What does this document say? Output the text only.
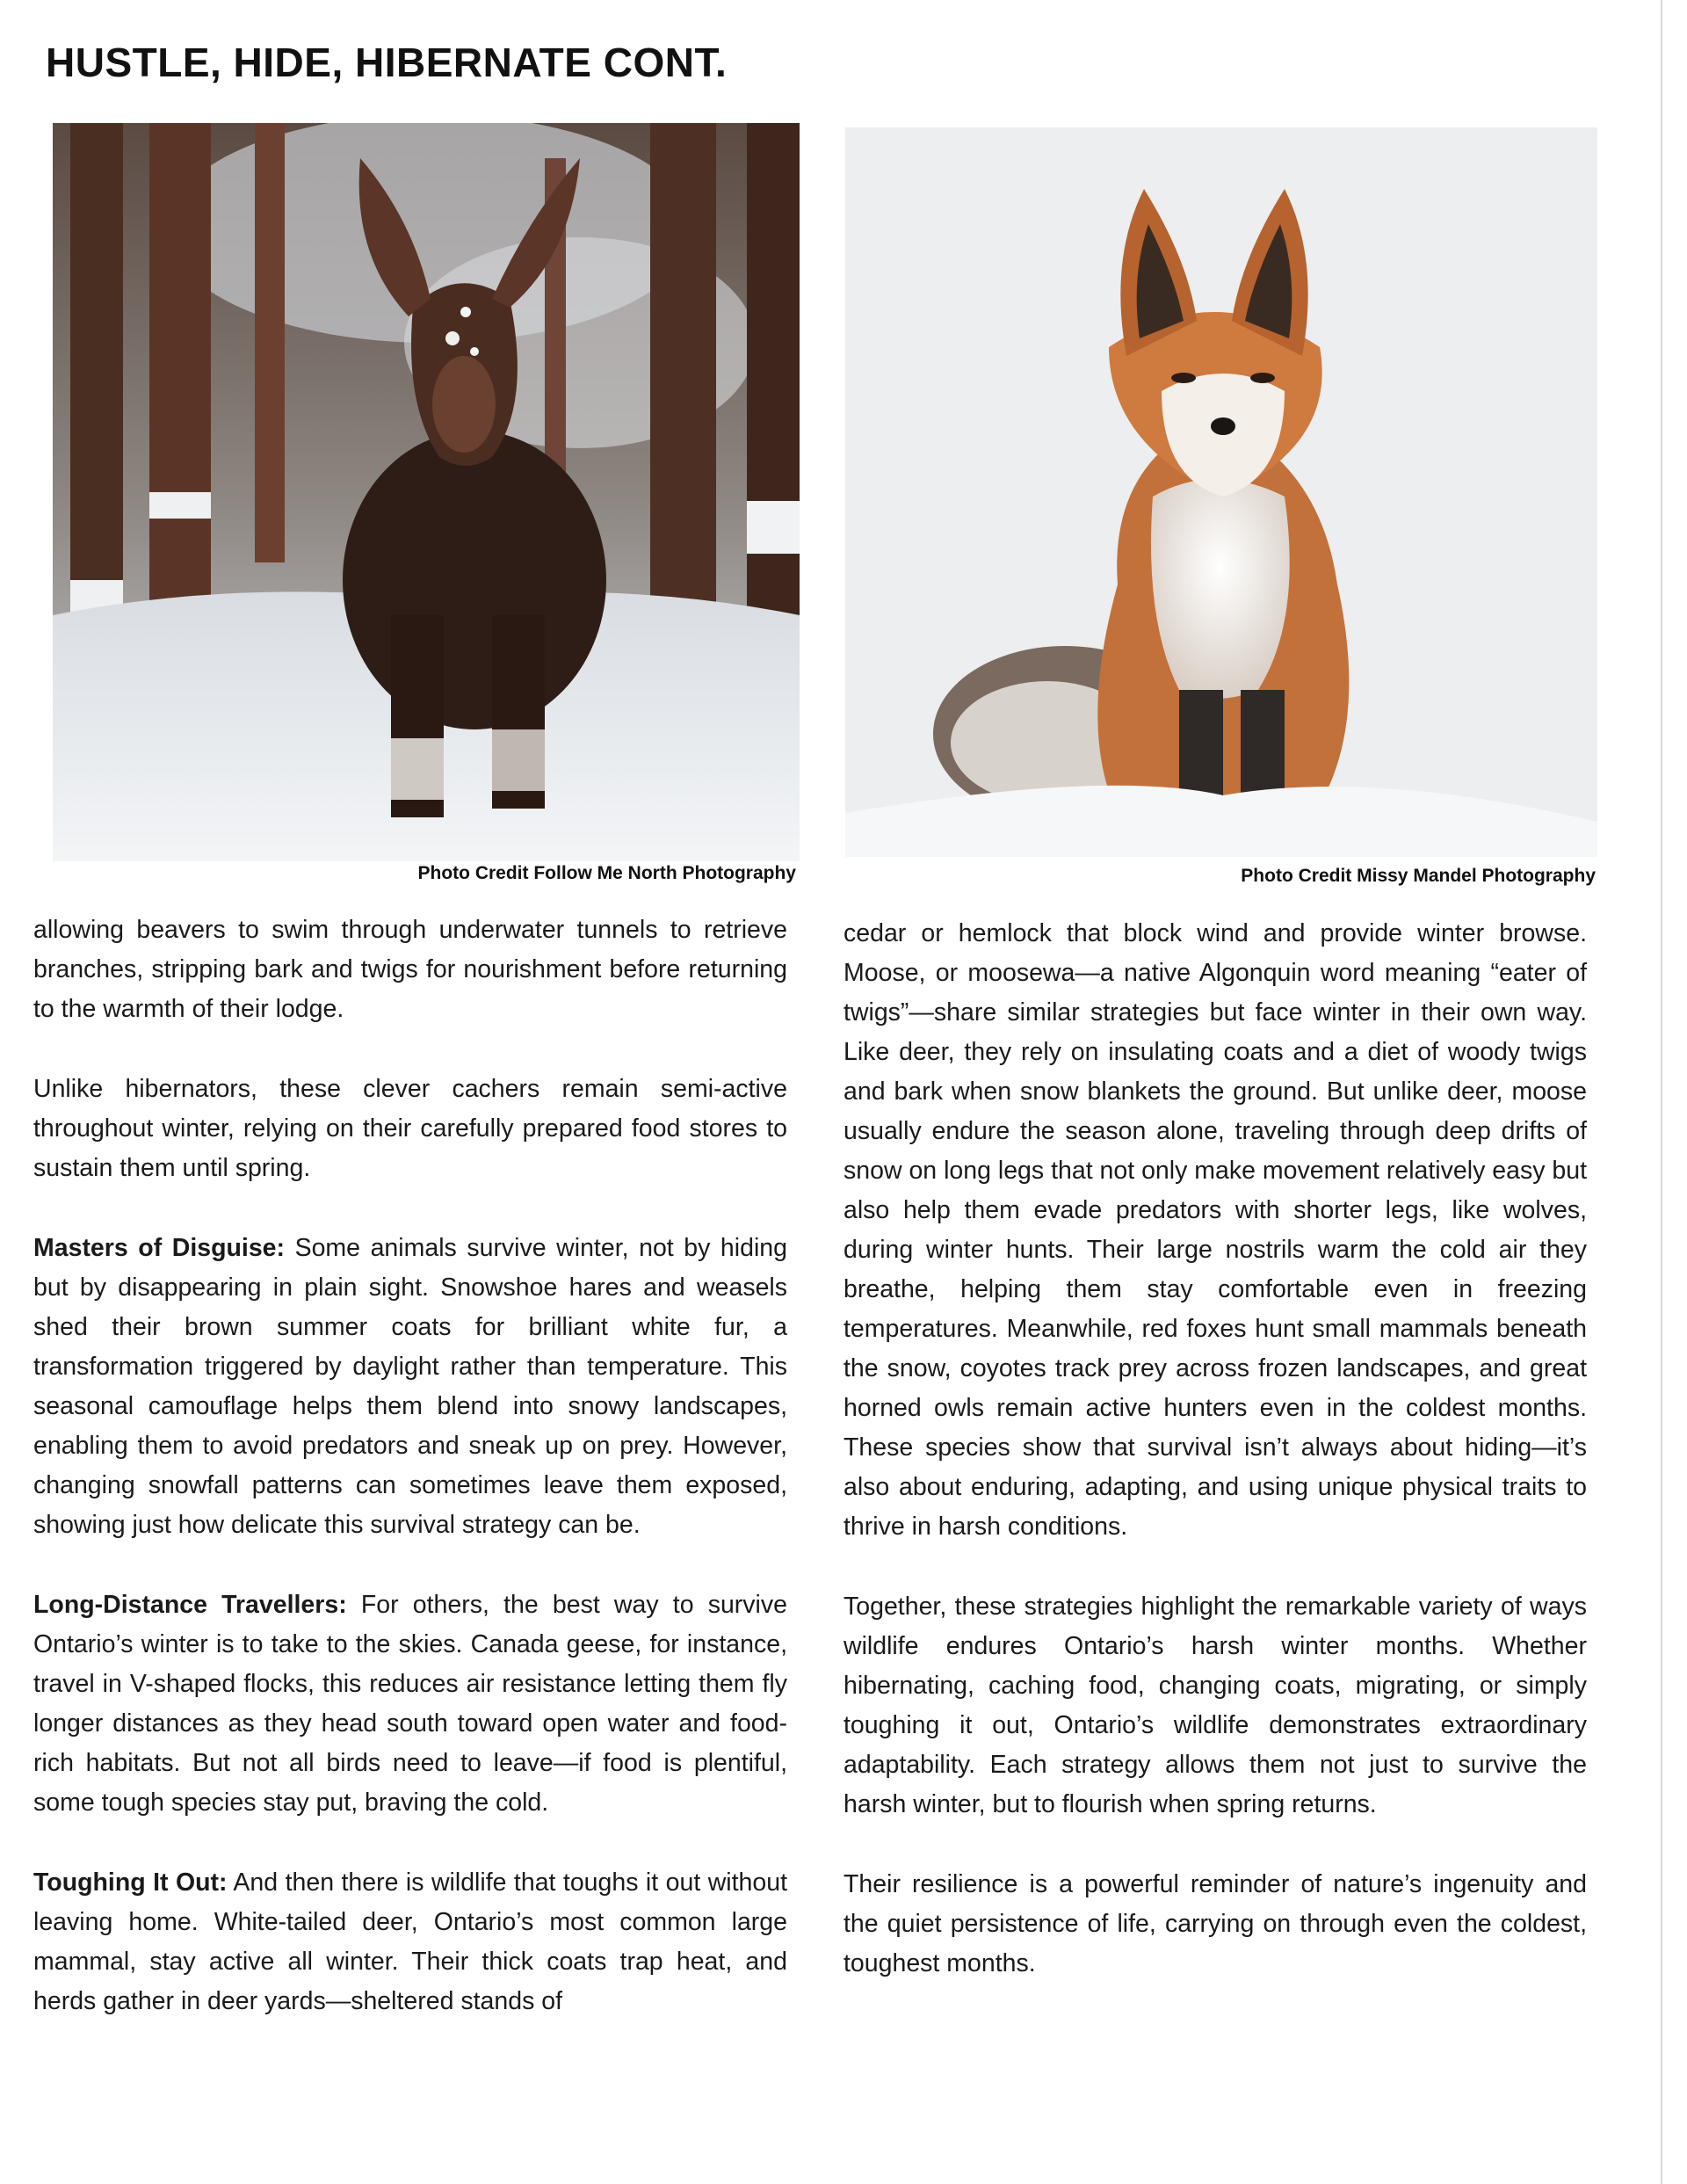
HUSTLE, HIDE, HIBERNATE CONT.
Photo Credit Follow Me North Photography	Photo Credit Missy Mandel Photography

allowing beavers to swim through underwater tunnels to retrieve branches, stripping bark and twigs for nourishment before returning to the warmth of their lodge.

Unlike hibernators, these clever cachers remain semi-active throughout winter, relying on their carefully prepared food stores to sustain them until spring.

Masters of Disguise: Some animals survive winter, not by hiding but by disappearing in plain sight. Snowshoe hares and weasels shed their brown summer coats for brilliant white fur, a transformation triggered by daylight rather than temperature. This seasonal camouflage helps them blend into snowy landscapes, enabling them to avoid predators and sneak up on prey. However, changing snowfall patterns can sometimes leave them exposed, showing just how delicate this survival strategy can be.

Long-Distance Travellers: For others, the best way to survive Ontario’s winter is to take to the skies. Canada geese, for instance, travel in V-shaped flocks, this reduces air resistance letting them fly longer distances as they head south toward open water and food-rich habitats. But not all birds need to leave—if food is plentiful, some tough species stay put, braving the cold.

Toughing It Out: And then there is wildlife that toughs it out without leaving home. White-tailed deer, Ontario’s most common large mammal, stay active all winter. Their thick coats trap heat, and herds gather in deer yards—sheltered stands of

cedar or hemlock that block wind and provide winter browse. Moose, or moosewa—a native Algonquin word meaning “eater of twigs”—share similar strategies but face winter in their own way. Like deer, they rely on insulating coats and a diet of woody twigs and bark when snow blankets the ground. But unlike deer, moose usually endure the season alone, traveling through deep drifts of snow on long legs that not only make movement relatively easy but also help them evade predators with shorter legs, like wolves, during winter hunts. Their large nostrils warm the cold air they breathe, helping them stay comfortable even in freezing temperatures. Meanwhile, red foxes hunt small mammals beneath the snow, coyotes track prey across frozen landscapes, and great horned owls remain active hunters even in the coldest months. These species show that survival isn’t always about hiding—it’s also about enduring, adapting, and using unique physical traits to thrive in harsh conditions.

Together, these strategies highlight the remarkable variety of ways wildlife endures Ontario’s harsh winter months. Whether hibernating, caching food, changing coats, migrating, or simply toughing it out, Ontario’s wildlife demonstrates extraordinary adaptability. Each strategy allows them not just to survive the harsh winter, but to flourish when spring returns.

Their resilience is a powerful reminder of nature’s ingenuity and the quiet persistence of life, carrying on through even the coldest, toughest months.
